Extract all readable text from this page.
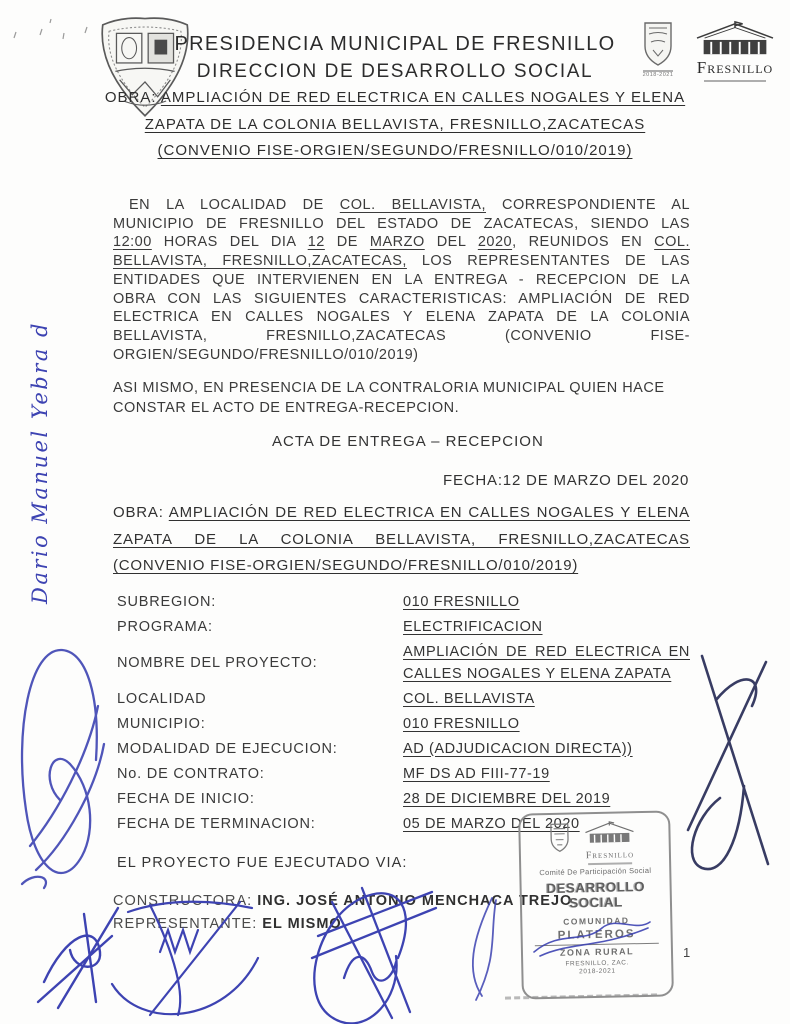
PRESIDENCIA MUNICIPAL DE FRESNILLO
DIRECCION DE DESARROLLO SOCIAL	2018-2021	Fresnillo
OBRA: AMPLIACIÓN DE RED ELECTRICA EN CALLES NOGALES Y ELENA
ZAPATA DE LA COLONIA BELLAVISTA, FRESNILLO,ZACATECAS
(CONVENIO FISE-ORGIEN/SEGUNDO/FRESNILLO/010/2019)

EN LA LOCALIDAD DE COL. BELLAVISTA, CORRESPONDIENTE AL MUNICIPIO DE FRESNILLO DEL ESTADO DE ZACATECAS, SIENDO LAS 12:00 HORAS DEL DIA 12 DE MARZO DEL 2020, REUNIDOS EN COL. BELLAVISTA, FRESNILLO,ZACATECAS, LOS REPRESENTANTES DE LAS ENTIDADES QUE INTERVIENEN EN LA ENTREGA - RECEPCION DE LA OBRA CON LAS SIGUIENTES CARACTERISTICAS: AMPLIACIÓN DE RED ELECTRICA EN CALLES NOGALES Y ELENA ZAPATA DE LA COLONIA BELLAVISTA, FRESNILLO,ZACATECAS (CONVENIO FISE-ORGIEN/SEGUNDO/FRESNILLO/010/2019)

ASI MISMO, EN PRESENCIA DE LA CONTRALORIA MUNICIPAL QUIEN HACE CONSTAR EL ACTO DE ENTREGA-RECEPCION.

ACTA DE ENTREGA – RECEPCION
FECHA:12 DE MARZO DEL 2020

OBRA: AMPLIACIÓN DE RED ELECTRICA EN CALLES NOGALES Y ELENA ZAPATA DE LA COLONIA BELLAVISTA, FRESNILLO,ZACATECAS (CONVENIO FISE-ORGIEN/SEGUNDO/FRESNILLO/010/2019)

SUBREGION:	010 FRESNILLO
PROGRAMA:	ELECTRIFICACION
NOMBRE DEL PROYECTO:
AMPLIACIÓN DE RED ELECTRICA EN CALLES NOGALES Y ELENA ZAPATA
LOCALIDAD	COL. BELLAVISTA
MUNICIPIO:	010 FRESNILLO
MODALIDAD DE EJECUCION:	AD (ADJUDICACION DIRECTA))
No. DE CONTRATO:	MF DS AD FIII-77-19
FECHA DE INICIO:	28 DE DICIEMBRE DEL 2019
FECHA DE TERMINACION:	05 DE MARZO DEL 2020
EL PROYECTO FUE EJECUTADO VIA:
CONSTRUCTORA: ING. JOSÉ ANTONIO MENCHACA TREJO
REPRESENTANTE: EL MISMO
Fresnillo
Comité De Participación Social
DESARROLLO SOCIAL
COMUNIDAD
PLATEROS
ZONA RURAL
FRESNILLO, ZAC.
2018-2021
1
Dario Manuel Yebra d
